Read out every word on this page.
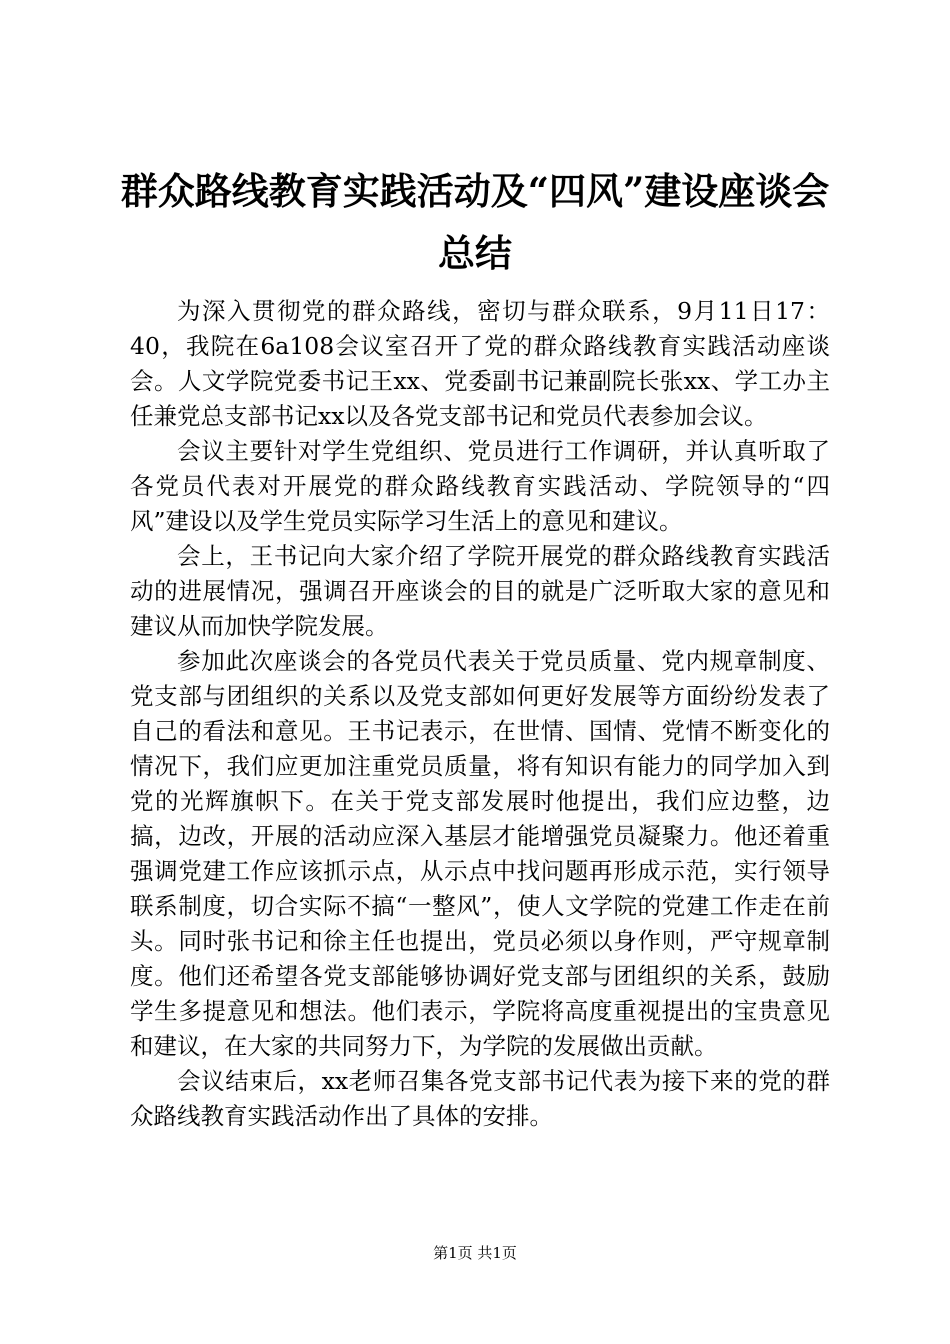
群众路线教育实践活动及“四风”建设座谈会总结

为深入贯彻党的群众路线，密切与群众联系，9月11日17：40，我院在6a108会议室召开了党的群众路线教育实践活动座谈会。人文学院党委书记王xx、党委副书记兼副院长张xx、学工办主任兼党总支部书记xx以及各党支部书记和党员代表参加会议。

会议主要针对学生党组织、党员进行工作调研，并认真听取了各党员代表对开展党的群众路线教育实践活动、学院领导的“四风”建设以及学生党员实际学习生活上的意见和建议。

会上，王书记向大家介绍了学院开展党的群众路线教育实践活动的进展情况，强调召开座谈会的目的就是广泛听取大家的意见和建议从而加快学院发展。

参加此次座谈会的各党员代表关于党员质量、党内规章制度、党支部与团组织的关系以及党支部如何更好发展等方面纷纷发表了自己的看法和意见。王书记表示，在世情、国情、党情不断变化的情况下，我们应更加注重党员质量，将有知识有能力的同学加入到党的光辉旗帜下。在关于党支部发展时他提出，我们应边整，边搞，边改，开展的活动应深入基层才能增强党员凝聚力。他还着重强调党建工作应该抓示点，从示点中找问题再形成示范，实行领导联系制度，切合实际不搞“一整风”，使人文学院的党建工作走在前头。同时张书记和徐主任也提出，党员必须以身作则，严守规章制度。他们还希望各党支部能够协调好党支部与团组织的关系，鼓励学生多提意见和想法。他们表示，学院将高度重视提出的宝贵意见和建议，在大家的共同努力下，为学院的发展做出贡献。

会议结束后，xx老师召集各党支部书记代表为接下来的党的群众路线教育实践活动作出了具体的安排。

第1页 共1页
